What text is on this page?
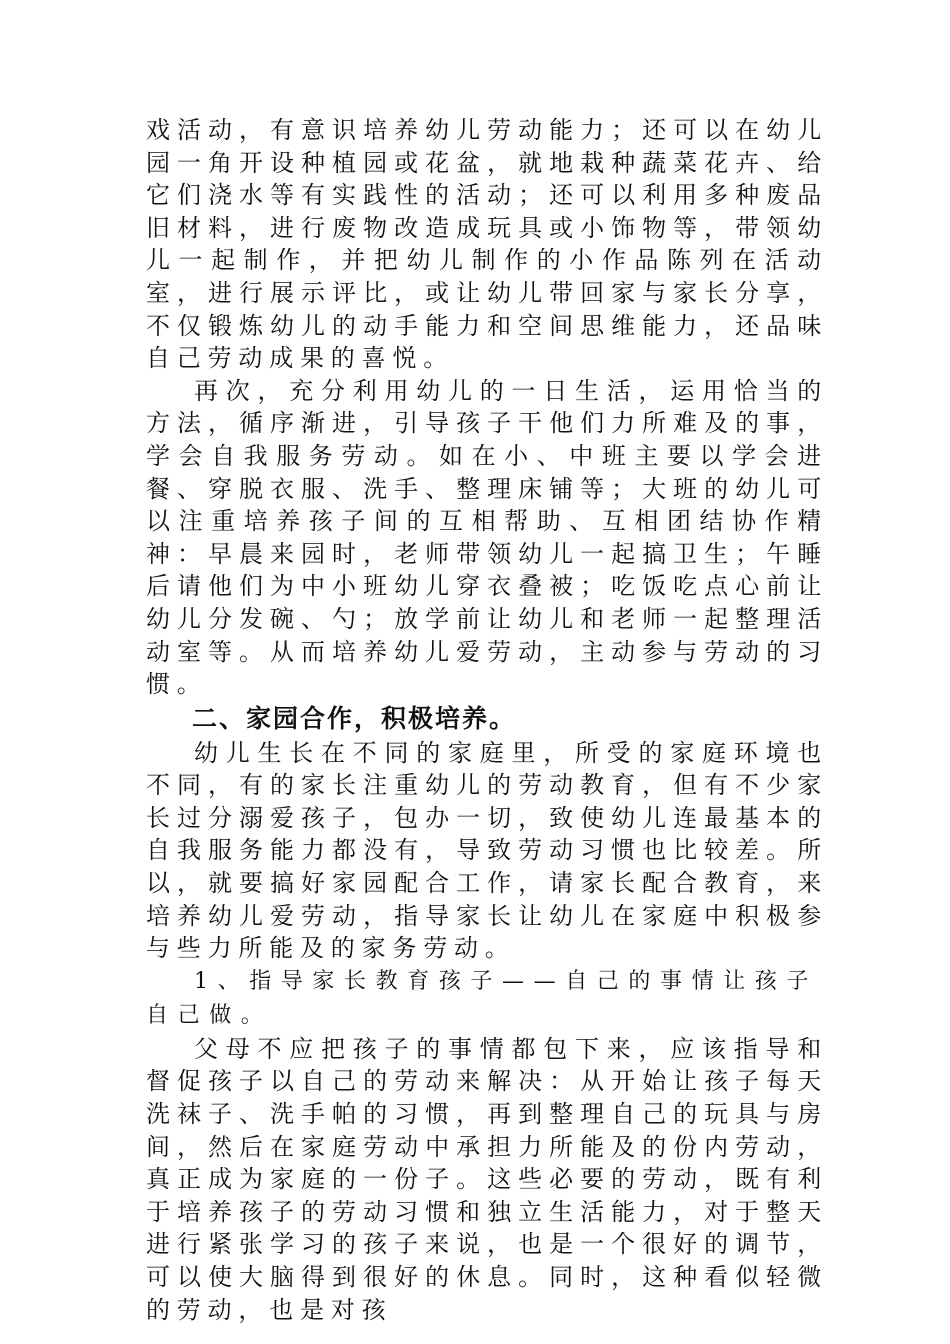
戏活动，有意识培养幼儿劳动能力；还可以在幼儿园一角开设种植园或花盆，就地栽种蔬菜花卉、给它们浇水等有实践性的活动；还可以利用多种废品旧材料，进行废物改造成玩具或小饰物等，带领幼儿一起制作，并把幼儿制作的小作品陈列在活动室，进行展示评比，或让幼儿带回家与家长分享，不仅锻炼幼儿的动手能力和空间思维能力，还品味自己劳动成果的喜悦。

再次，充分利用幼儿的一日生活，运用恰当的方法，循序渐进，引导孩子干他们力所难及的事，学会自我服务劳动。如在小、中班主要以学会进餐、穿脱衣服、洗手、整理床铺等；大班的幼儿可以注重培养孩子间的互相帮助、互相团结协作精神：早晨来园时，老师带领幼儿一起搞卫生；午睡后请他们为中小班幼儿穿衣叠被；吃饭吃点心前让幼儿分发碗、勺；放学前让幼儿和老师一起整理活动室等。从而培养幼儿爱劳动，主动参与劳动的习惯。

二、家园合作，积极培养。

幼儿生长在不同的家庭里，所受的家庭环境也不同，有的家长注重幼儿的劳动教育，但有不少家长过分溺爱孩子，包办一切，致使幼儿连最基本的自我服务能力都没有，导致劳动习惯也比较差。所以，就要搞好家园配合工作，请家长配合教育，来培养幼儿爱劳动，指导家长让幼儿在家庭中积极参与些力所能及的家务劳动。

1、指导家长教育孩子——自己的事情让孩子自己做。

父母不应把孩子的事情都包下来，应该指导和督促孩子以自己的劳动来解决：从开始让孩子每天洗袜子、洗手帕的习惯，再到整理自己的玩具与房间，然后在家庭劳动中承担力所能及的份内劳动，真正成为家庭的一份子。这些必要的劳动，既有利于培养孩子的劳动习惯和独立生活能力，对于整天进行紧张学习的孩子来说，也是一个很好的调节，可以使大脑得到很好的休息。同时，这种看似轻微的劳动，也是对孩
